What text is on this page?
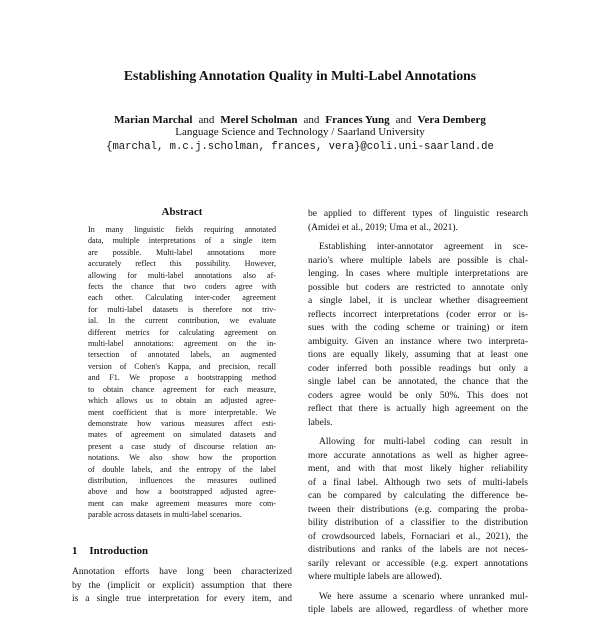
Establishing Annotation Quality in Multi-Label Annotations
Marian Marchal and Merel Scholman and Frances Yung and Vera Demberg
Language Science and Technology / Saarland University
{marchal, m.c.j.scholman, frances, vera}@coli.uni-saarland.de
Abstract
In many linguistic fields requiring annotated
data, multiple interpretations of a single item
are possible. Multi-label annotations more
accurately reflect this possibility. However,
allowing for multi-label annotations also af-
fects the chance that two coders agree with
each other. Calculating inter-coder agreement
for multi-label datasets is therefore not triv-
ial. In the current contribution, we evaluate
different metrics for calculating agreement on
multi-label annotations: agreement on the in-
tersection of annotated labels, an augmented
version of Cohen's Kappa, and precision, recall
and F1. We propose a bootstrapping method
to obtain chance agreement for each measure,
which allows us to obtain an adjusted agree-
ment coefficient that is more interpretable. We
demonstrate how various measures affect esti-
mates of agreement on simulated datasets and
present a case study of discourse relation an-
notations. We also show how the proportion
of double labels, and the entropy of the label
distribution, influences the measures outlined
above and how a bootstrapped adjusted agree-
ment can make agreement measures more com-
parable across datasets in multi-label scenarios.
be applied to different types of linguistic research
(Amidei et al., 2019; Uma et al., 2021).
Establishing inter-annotator agreement in sce-
nario's where multiple labels are possible is chal-
lenging. In cases where multiple interpretations are
possible but coders are restricted to annotate only
a single label, it is unclear whether disagreement
reflects incorrect interpretations (coder error or is-
sues with the coding scheme or training) or item
ambiguity. Given an instance where two interpreta-
tions are equally likely, assuming that at least one
coder inferred both possible readings but only a
single label can be annotated, the chance that the
coders agree would be only 50%. This does not
reflect that there is actually high agreement on the
labels.
Allowing for multi-label coding can result in
more accurate annotations as well as higher agree-
ment, and with that most likely higher reliability
of a final label. Although two sets of multi-labels
can be compared by calculating the difference be-
tween their distributions (e.g. comparing the proba-
bility distribution of a classifier to the distribution
of crowdsourced labels, Fornaciari et al., 2021), the
distributions and ranks of the labels are not neces-
sarily relevant or accessible (e.g. expert annotations
where multiple labels are allowed).
We here assume a scenario where unranked mul-
tiple labels are allowed, regardless of whether more
1 Introduction
Annotation efforts have long been characterized
by the (implicit or explicit) assumption that there
is a single true interpretation for every item, and
